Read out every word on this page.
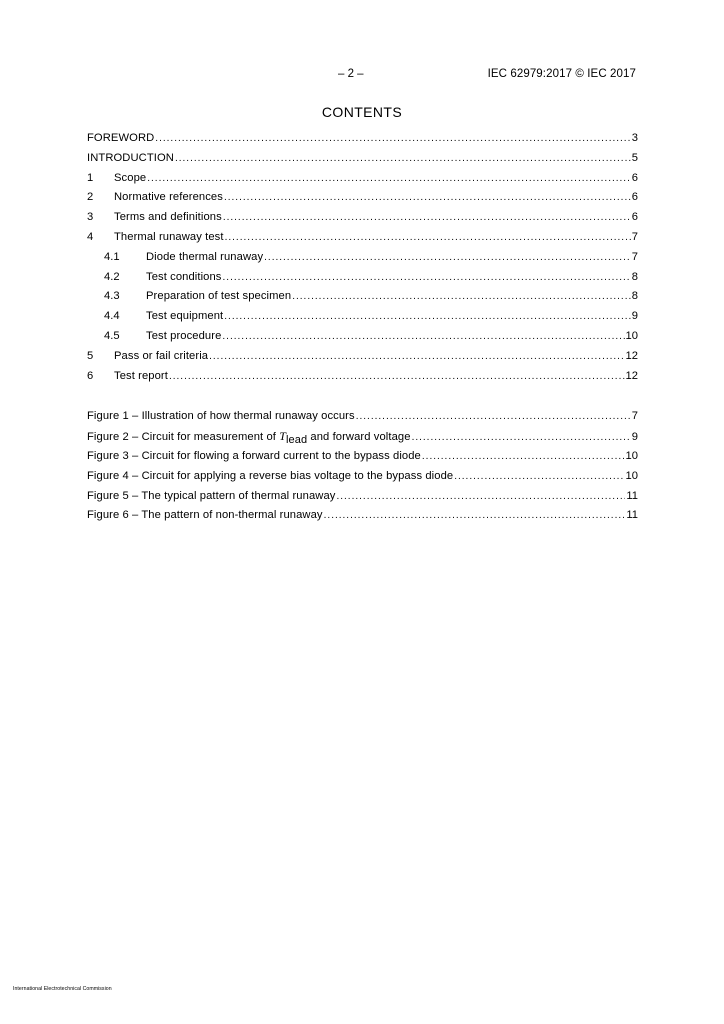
– 2 –	IEC 62979:2017 © IEC 2017
CONTENTS
FOREWORD .....	3
INTRODUCTION .....	5
1	Scope .....	6
2	Normative references .....	6
3	Terms and definitions .....	6
4	Thermal runaway test .....	7
4.1	Diode thermal runaway .....	7
4.2	Test conditions .....	8
4.3	Preparation of test specimen .....	8
4.4	Test equipment .....	9
4.5	Test procedure .....	10
5	Pass or fail criteria .....	12
6	Test report .....	12
Figure 1 – Illustration of how thermal runaway occurs .....	7
Figure 2 – Circuit for measurement of Tlead and forward voltage .....	9
Figure 3 – Circuit for flowing a forward current to the bypass diode .....	10
Figure 4 – Circuit for applying a reverse bias voltage to the bypass diode .....	10
Figure 5 – The typical pattern of thermal runaway .....	11
Figure 6 – The pattern of non-thermal runaway .....	11
International Electrotechnical Commission
